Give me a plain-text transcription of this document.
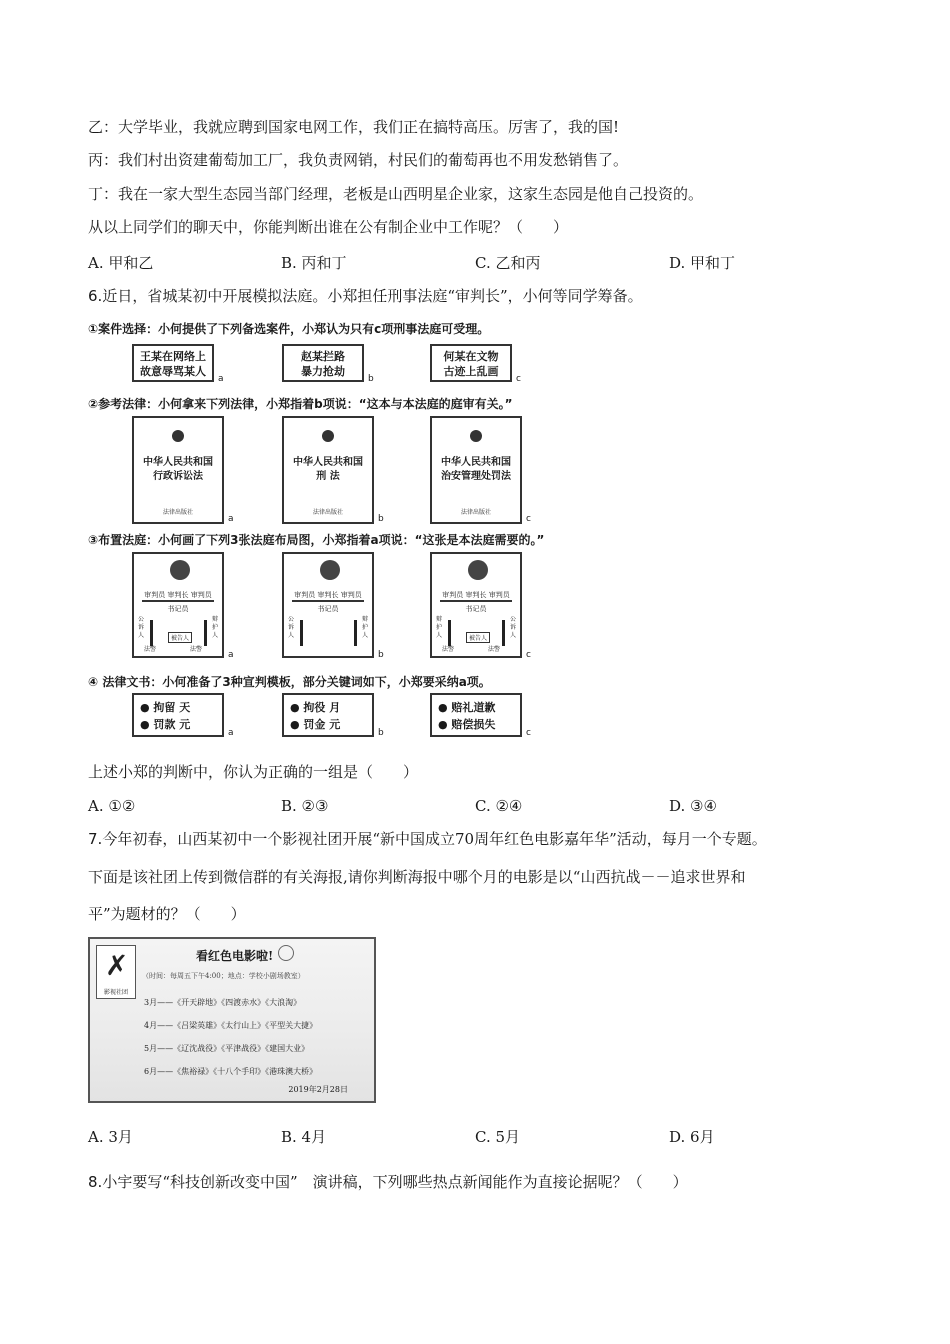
乙：大学毕业，我就应聘到国家电网工作，我们正在搞特高压。厉害了，我的国!
丙：我们村出资建葡萄加工厂，我负责网销，村民们的葡萄再也不用发愁销售了。
丁：我在一家大型生态园当部门经理，老板是山西明星企业家，这家生态园是他自己投资的。
从以上同学们的聊天中，你能判断出谁在公有制企业中工作呢？（　　）
A. 甲和乙	B. 丙和丁	C. 乙和丙	D. 甲和丁
6.近日，省城某初中开展模拟法庭。小郑担任刑事法庭“审判长”，小何等同学筹备。
①案件选择：小何提供了下列备选案件，小郑认为只有c项刑事法庭可受理。
王某在网络上
故意辱骂某人
a
赵某拦路
暴力抢劫
b
何某在文物
古迹上乱画
c
②参考法律：小何拿来下列法律，小郑指着b项说：“这本与本法庭的庭审有关。”
中华人民共和国
行政诉讼法
法律出版社
a
中华人民共和国
刑 法
法律出版社
b
中华人民共和国
治安管理处罚法
法律出版社
c
③布置法庭：小何画了下列3张法庭布局图，小郑指着a项说：“这张是本法庭需要的。”
审判员 审判长 审判员
书记员
公诉人
辩护人
被告人
法警	法警
a
审判员 审判长 审判员
书记员
公诉人
辩护人
b
审判员 审判长 审判员
书记员
辩护人
公诉人
被告人
法警	法警
c
④ 法律文书：小何准备了3种宣判模板，部分关键词如下，小郑要采纳a项。
● 拘留 天
● 罚款 元
a
● 拘役 月
● 罚金 元
b
● 赔礼道歉
● 赔偿损失
c
上述小郑的判断中，你认为正确的一组是（　　）
A. ①②	B. ②③	C. ②④	D. ③④
7.今年初春，山西某初中一个影视社团开展“新中国成立70周年红色电影嘉年华”活动，每月一个专题。
下面是该社团上传到微信群的有关海报,请你判断海报中哪个月的电影是以“山西抗战－－追求世界和
平”为题材的？（　　）
✗
影视社团
看红色电影啦!
（时间：每周五下午4:00；地点：学校小剧场教室）
3月——《开天辟地》《四渡赤水》《大浪淘》
4月——《吕梁英雄》《太行山上》《平型关大捷》
5月——《辽沈战役》《平津战役》《建国大业》
6月——《焦裕禄》《十八个手印》《港珠澳大桥》
2019年2月28日
A. 3月	B. 4月	C. 5月	D. 6月
8.小宇要写“科技创新改变中国”　演讲稿，下列哪些热点新闻能作为直接论据呢？（　　）
